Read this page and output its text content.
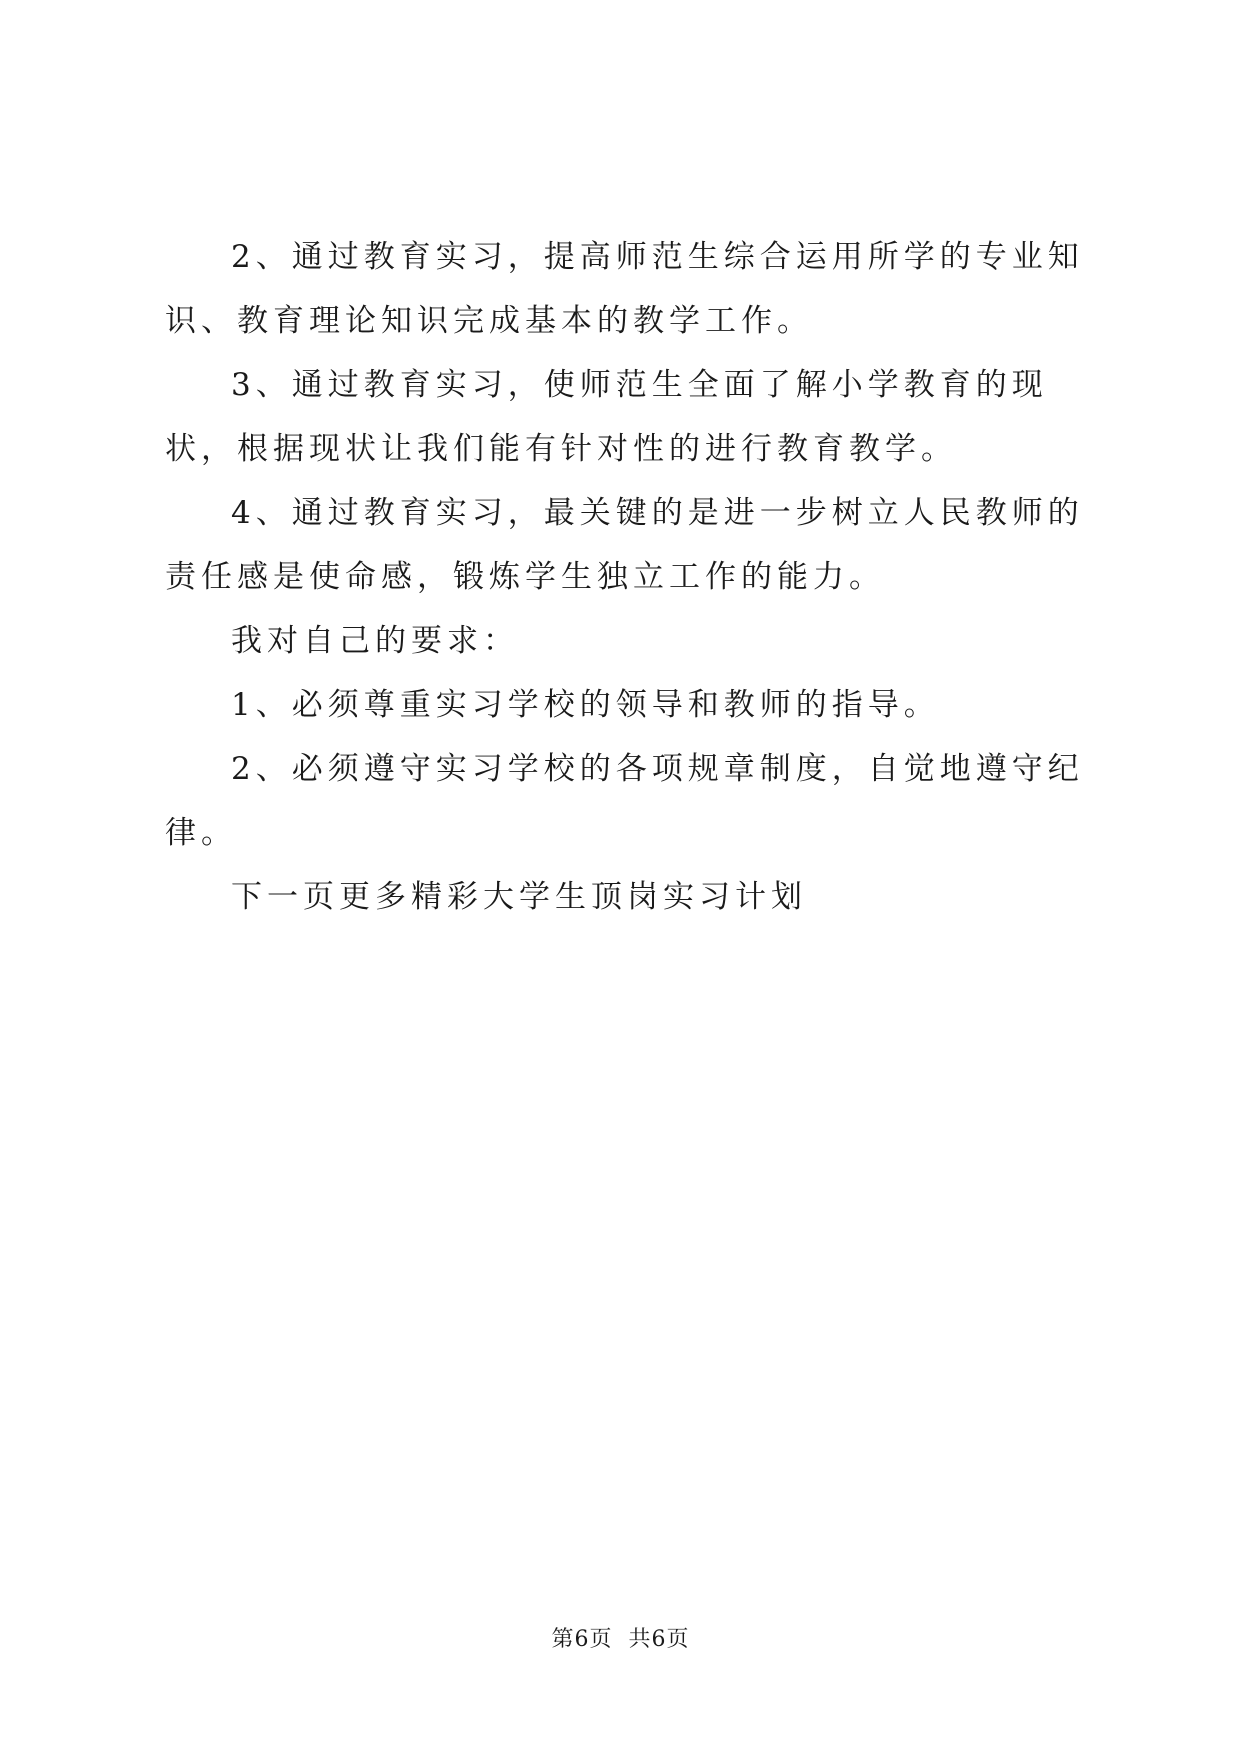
2、通过教育实习，提高师范生综合运用所学的专业知识、教育理论知识完成基本的教学工作。

3、通过教育实习，使师范生全面了解小学教育的现状，根据现状让我们能有针对性的进行教育教学。

4、通过教育实习，最关键的是进一步树立人民教师的责任感是使命感，锻炼学生独立工作的能力。

我对自己的要求：

1、必须尊重实习学校的领导和教师的指导。

2、必须遵守实习学校的各项规章制度，自觉地遵守纪律。

下一页更多精彩大学生顶岗实习计划

第6页 共6页
